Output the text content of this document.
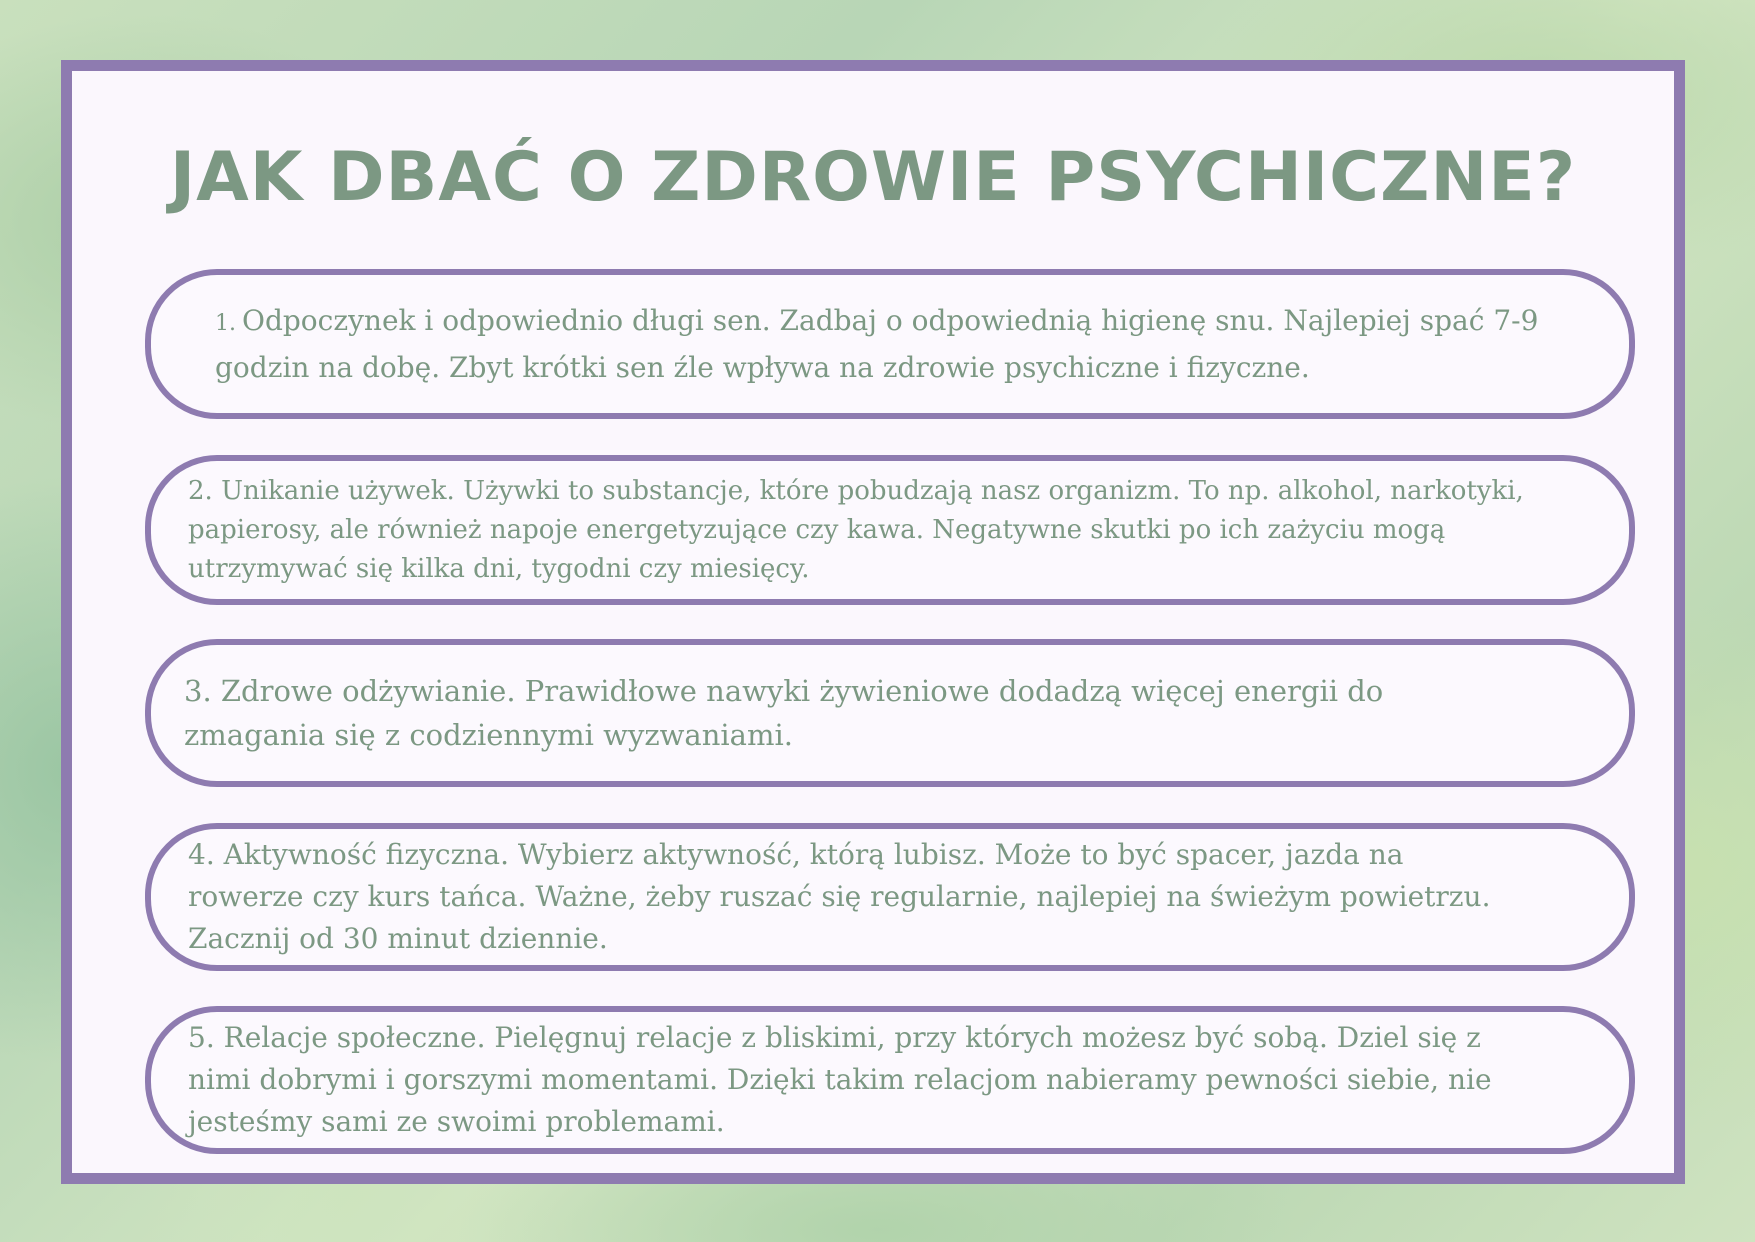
JAK DBAĆ O ZDROWIE PSYCHICZNE?

1. Odpoczynek i odpowiednio długi sen. Zadbaj o odpowiednią higienę snu. Najlepiej spać 7-9 godzin na dobę. Zbyt krótki sen źle wpływa na zdrowie psychiczne i fizyczne.

2. Unikanie używek. Używki to substancje, które pobudzają nasz organizm. To np. alkohol, narkotyki, papierosy, ale również napoje energetyzujące czy kawa. Negatywne skutki po ich zażyciu mogą utrzymywać się kilka dni, tygodni czy miesięcy.

3. Zdrowe odżywianie. Prawidłowe nawyki żywieniowe dodadzą więcej energii do zmagania się z codziennymi wyzwaniami.

4. Aktywność fizyczna. Wybierz aktywność, którą lubisz. Może to być spacer, jazda na rowerze czy kurs tańca. Ważne, żeby ruszać się regularnie, najlepiej na świeżym powietrzu. Zacznij od 30 minut dziennie.

5. Relacje społeczne. Pielęgnuj relacje z bliskimi, przy których możesz być sobą. Dziel się z nimi dobrymi i gorszymi momentami. Dzięki takim relacjom nabieramy pewności siebie, nie jesteśmy sami ze swoimi problemami.
